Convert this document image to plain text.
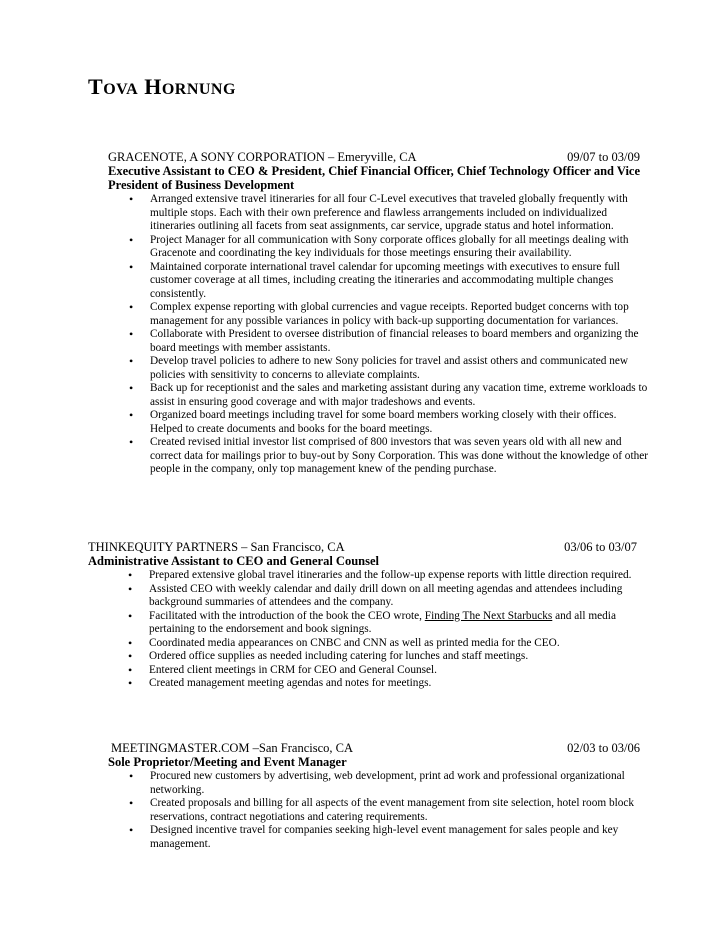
TOVA HORNUNG
GRACENOTE, A SONY CORPORATION – Emeryville, CA	09/07 to 03/09
Executive Assistant to CEO & President, Chief Financial Officer, Chief Technology Officer and Vice President of Business Development
• Arranged extensive travel itineraries for all four C-Level executives that traveled globally frequently with multiple stops. Each with their own preference and flawless arrangements included on individualized itineraries outlining all facets from seat assignments, car service, upgrade status and hotel information.
• Project Manager for all communication with Sony corporate offices globally for all meetings dealing with Gracenote and coordinating the key individuals for those meetings ensuring their availability.
• Maintained corporate international travel calendar for upcoming meetings with executives to ensure full customer coverage at all times, including creating the itineraries and accommodating multiple changes consistently.
• Complex expense reporting with global currencies and vague receipts. Reported budget concerns with top management for any possible variances in policy with back-up supporting documentation for variances.
• Collaborate with President to oversee distribution of financial releases to board members and organizing the board meetings with member assistants.
• Develop travel policies to adhere to new Sony policies for travel and assist others and communicated new policies with sensitivity to concerns to alleviate complaints.
• Back up for receptionist and the sales and marketing assistant during any vacation time, extreme workloads to assist in ensuring good coverage and with major tradeshows and events.
• Organized board meetings including travel for some board members working closely with their offices. Helped to create documents and books for the board meetings.
• Created revised initial investor list comprised of 800 investors that was seven years old with all new and correct data for mailings prior to buy-out by Sony Corporation. This was done without the knowledge of other people in the company, only top management knew of the pending purchase.
THINKEQUITY PARTNERS – San Francisco, CA	03/06 to 03/07
Administrative Assistant to CEO and General Counsel
• Prepared extensive global travel itineraries and the follow-up expense reports with little direction required.
• Assisted CEO with weekly calendar and daily drill down on all meeting agendas and attendees including background summaries of attendees and the company.
• Facilitated with the introduction of the book the CEO wrote, Finding The Next Starbucks and all media pertaining to the endorsement and book signings.
• Coordinated media appearances on CNBC and CNN as well as printed media for the CEO.
• Ordered office supplies as needed including catering for lunches and staff meetings.
• Entered client meetings in CRM for CEO and General Counsel.
• Created management meeting agendas and notes for meetings.
MEETINGMASTER.COM –San Francisco, CA	02/03 to 03/06
Sole Proprietor/Meeting and Event Manager
• Procured new customers by advertising, web development, print ad work and professional organizational networking.
• Created proposals and billing for all aspects of the event management from site selection, hotel room block reservations, contract negotiations and catering requirements.
• Designed incentive travel for companies seeking high-level event management for sales people and key management.
